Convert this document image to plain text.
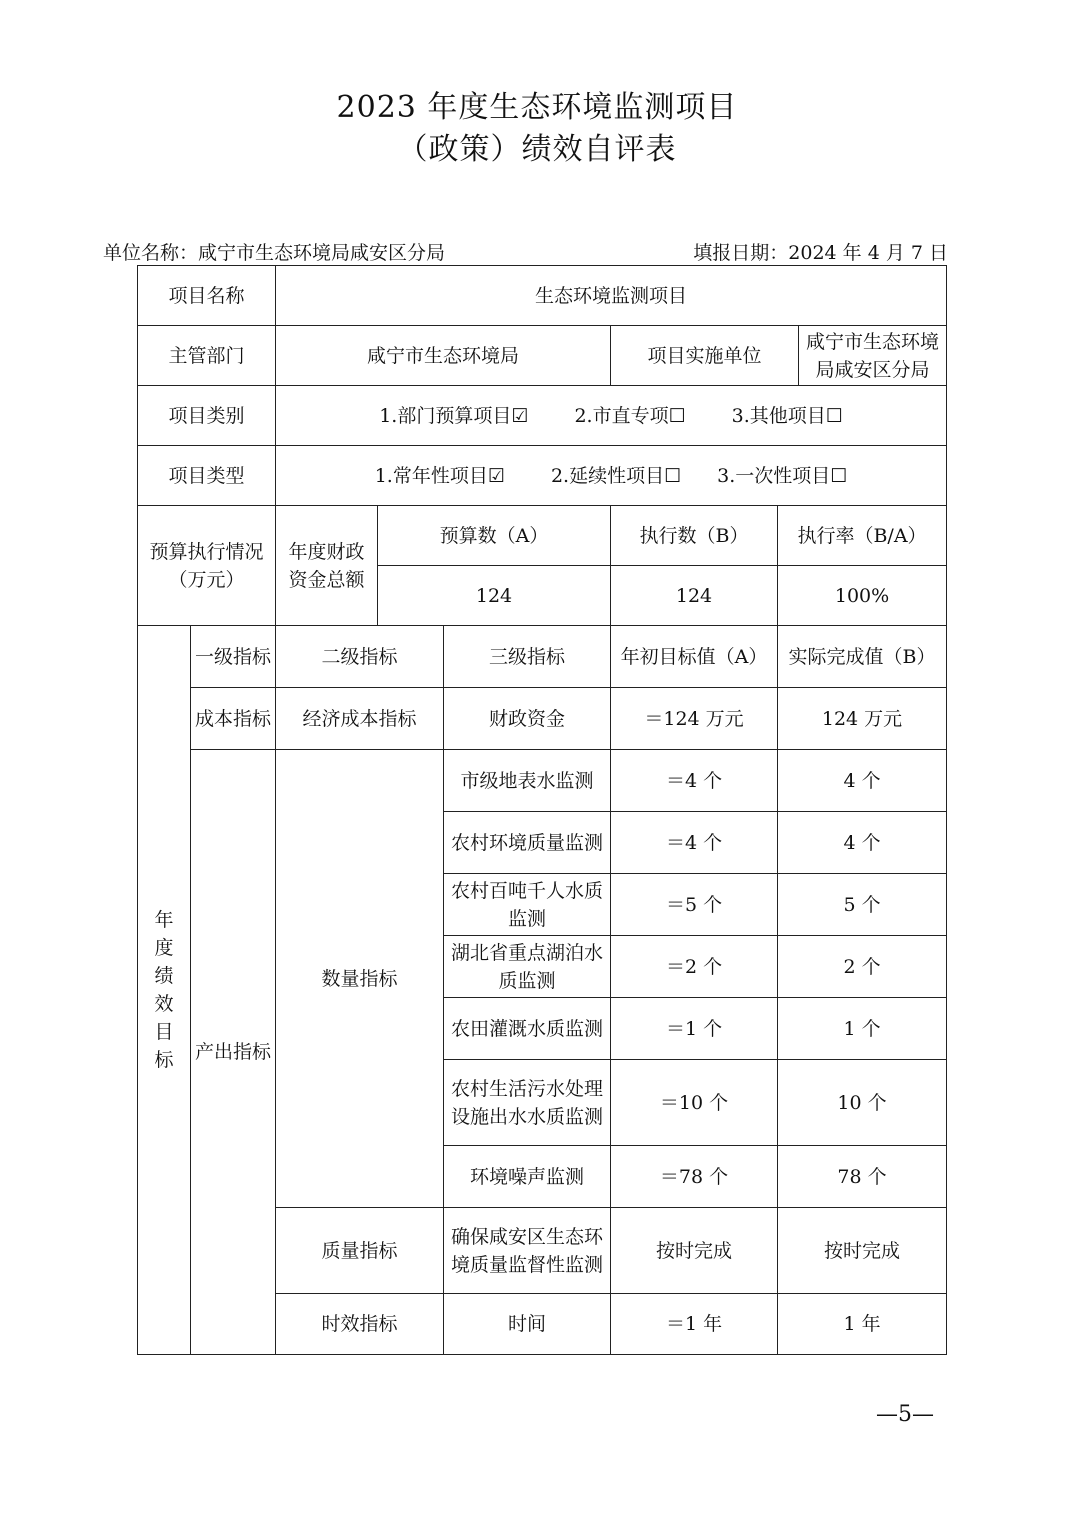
2023 年度生态环境监测项目
（政策）绩效自评表
单位名称：咸宁市生态环境局咸安区分局	填报日期：2024 年 4 月 7 日
项目名称		生态环境监测项目					
主管部门		咸宁市生态环境局			项目实施单位		咸宁市生态环境局咸安区分局
项目类别		1.部门预算项目☑ 2.市直专项☐ 3.其他项目☐					
项目类型		1.常年性项目☑ 2.延续性项目☐ 3.一次性项目☐					
预算执行情况（万元）		年度财政资金总额	预算数（A）		执行数（B）	执行率（B/A）	
			124		124	100%	

年度绩效目标	一级指标	二级指标		三级指标	年初目标值（A）	实际完成值（B）	
	成本指标	经济成本指标		财政资金	＝124 万元	124 万元	
	产出指标	数量指标		市级地表水监测	＝4 个	4 个	
				农村环境质量监测	＝4 个	4 个	
				农村百吨千人水质监测	＝5 个	5 个	
				湖北省重点湖泊水质监测	＝2 个	2 个	
				农田灌溉水质监测	＝1 个	1 个	
				农村生活污水处理设施出水水质监测	＝10 个	10 个	
				环境噪声监测	＝78 个	78 个	
		质量指标		确保咸安区生态环境质量监督性监测	按时完成	按时完成	
		时效指标		时间	＝1 年	1 年	
—5—
